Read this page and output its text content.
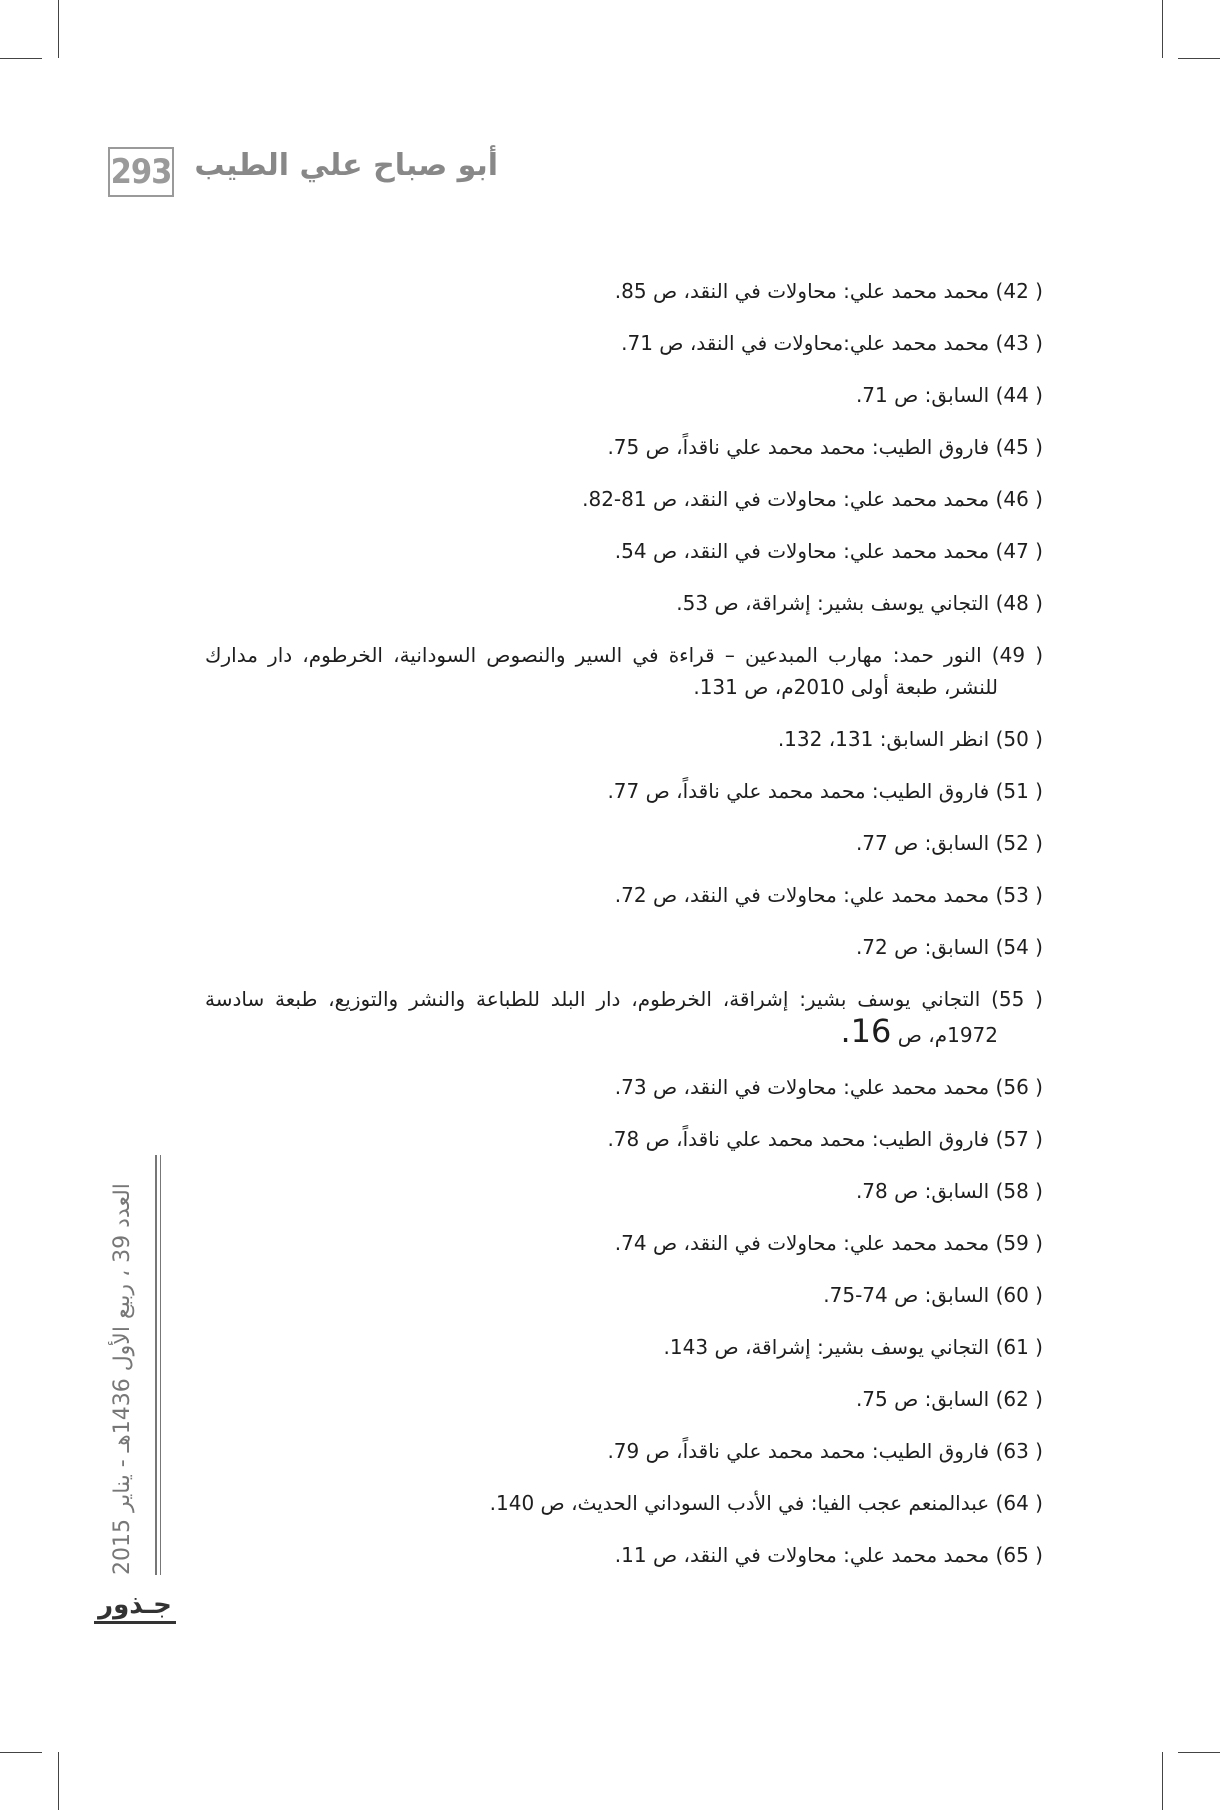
293 أبو صباح علي الطيب

( 42) محمد محمد علي: محاولات في النقد، ص 85.

( 43) محمد محمد علي:محاولات في النقد، ص 71.

( 44) السابق: ص 71.

( 45) فاروق الطيب: محمد محمد علي ناقداً، ص 75.

( 46) محمد محمد علي: محاولات في النقد، ص 81-82.

( 47) محمد محمد علي: محاولات في النقد، ص 54.

( 48) التجاني يوسف بشير: إشراقة، ص 53.

( 49) النور حمد: مهارب المبدعين – قراءة في السير والنصوص السودانية، الخرطوم، دار مدارك للنشر، طبعة أولى 2010م، ص 131.

( 50) انظر السابق: 131، 132.

( 51) فاروق الطيب: محمد محمد علي ناقداً، ص 77.

( 52) السابق: ص 77.

( 53) محمد محمد علي: محاولات في النقد، ص 72.

( 54) السابق: ص 72.

( 55) التجاني يوسف بشير: إشراقة، الخرطوم، دار البلد للطباعة والنشر والتوزيع، طبعة سادسة 1972م، ص 16.

( 56) محمد محمد علي: محاولات في النقد، ص 73.

( 57) فاروق الطيب: محمد محمد علي ناقداً، ص 78.

( 58) السابق: ص 78.

( 59) محمد محمد علي: محاولات في النقد، ص 74.

( 60) السابق: ص 74-75.

( 61) التجاني يوسف بشير: إشراقة، ص 143.

( 62) السابق: ص 75.

( 63) فاروق الطيب: محمد محمد علي ناقداً، ص 79.

( 64) عبدالمنعم عجب الفيا: في الأدب السوداني الحديث، ص 140.

( 65) محمد محمد علي: محاولات في النقد، ص 11.

العدد 39 ، ربيع الأول 1436هـ - يناير 2015
جـذور
